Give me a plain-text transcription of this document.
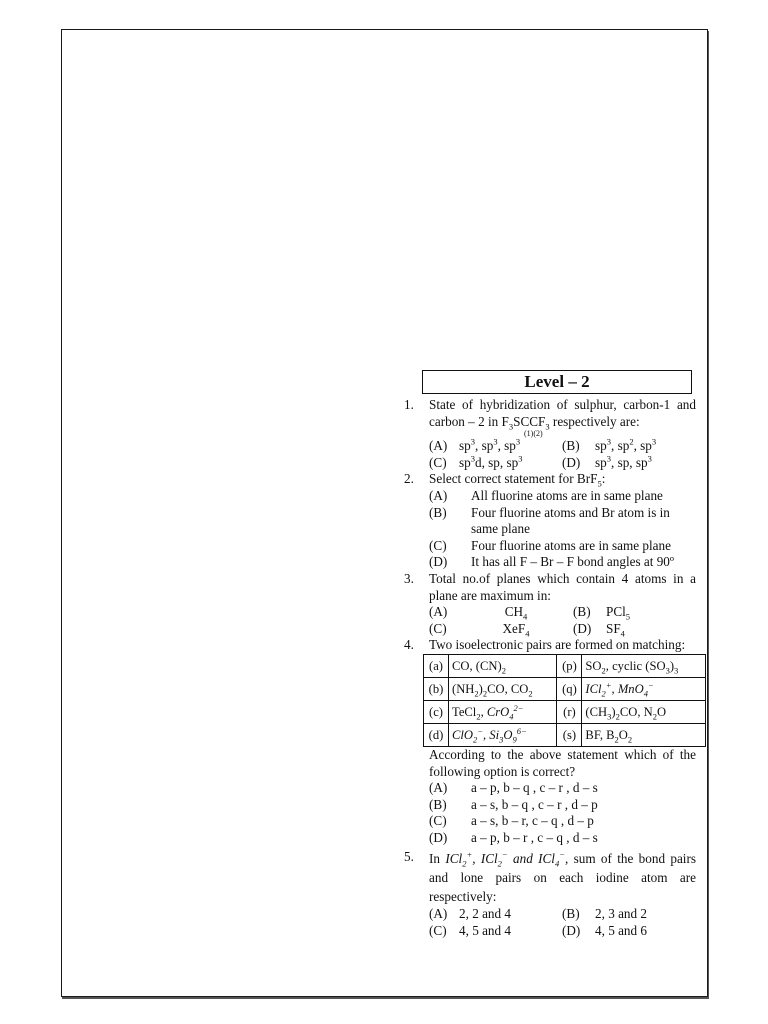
Level – 2
1.	State of hybridization of sulphur, carbon-1 and carbon – 2 in $F_3SCCF_3$ respectively are:
(1)(2)
(A) $sp^3$, $sp^3$, $sp^3$	(B)	$sp^3$, $sp^2$, $sp^3$
(C) $sp^3d$, sp, $sp^3$	(D)	$sp^3$, sp, $sp^3$
2.	Select correct statement for BrF$_5$:
(A)	All fluorine atoms are in same plane
(B)	Four fluorine atoms and Br atom is in same plane
(C)	Four fluorine atoms are in same plane
(D)	It has all F – Br – F bond angles at 90º
3.	Total no.of planes which contain 4 atoms in a plane are maximum in:
(A)	$CH_4$	(B)	PCl$_5$
(C)	XeF$_4$	(D)	$SF_4$
4.	Two isoelectronic pairs are formed on matching:
(a)	CO, $(CN)_2$	(p)	$SO_2$, cyclic $(SO_3)_3$
(b)	$(NH_2)_2CO$, $CO_2$	(q)	ICl$_2$+, MnO$_4$−
(c)	TeCl$_2$, CrO$_4^{2-}$	(r)	$(CH_3)_2CO$, $N_2O$
(d)	ClO$_2$−, $Si_3O_9^{6-}$	(s)	BF, $B_2O_2$
According to the above statement which of the following option is correct?
(A)	a – p, b – q , c – r , d – s
(B)	a – s, b – q , c – r , d – p
(C)	a – s, b – r, c – q , d – p
(D)	a – p, b – r , c – q , d – s
5.	In ICl$_2$+, ICl$_2$− and ICl$_4$−, sum of the bond pairs and lone pairs on each iodine atom are respectively:
(A) 2, 2 and 4	(B)	2, 3 and 2
(C) 4, 5 and 4	(D)	4, 5 and 6
